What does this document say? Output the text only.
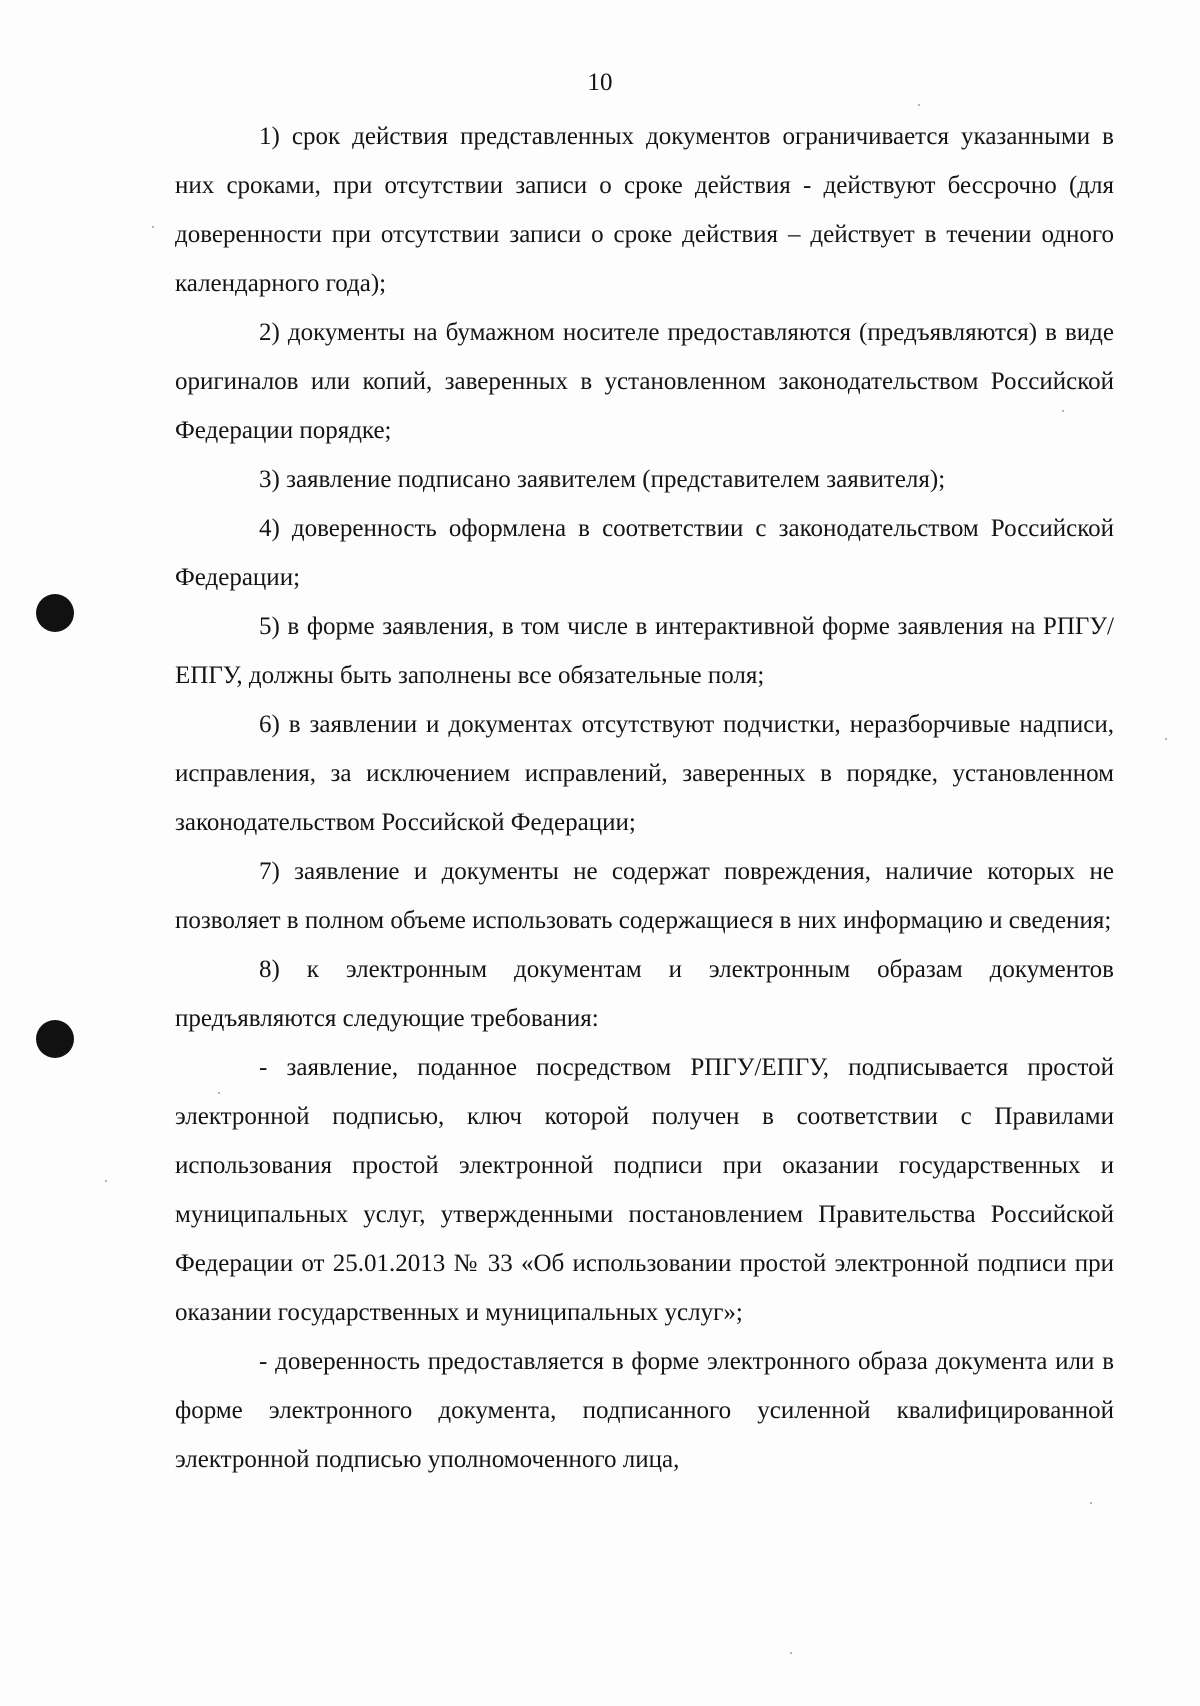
10

1) срок действия представленных документов ограничивается указанными в них сроками, при отсутствии записи о сроке действия - действуют бессрочно (для доверенности при отсутствии записи о сроке действия – действует в течении одного календарного года);

2) документы на бумажном носителе предоставляются (предъявляются) в виде оригиналов или копий, заверенных в установленном законодательством Российской Федерации порядке;

3) заявление подписано заявителем (представителем заявителя);

4) доверенность оформлена в соответствии с законодательством Российской Федерации;

5) в форме заявления, в том числе в интерактивной форме заявления на РПГУ/ЕПГУ, должны быть заполнены все обязательные поля;

6) в заявлении и документах отсутствуют подчистки, неразборчивые надписи, исправления, за исключением исправлений, заверенных в порядке, установленном законодательством Российской Федерации;

7) заявление и документы не содержат повреждения, наличие которых не позволяет в полном объеме использовать содержащиеся в них информацию и сведения;

8) к электронным документам и электронным образам документов предъявляются следующие требования:

- заявление, поданное посредством РПГУ/ЕПГУ, подписывается простой электронной подписью, ключ которой получен в соответствии с Правилами использования простой электронной подписи при оказании государственных и муниципальных услуг, утвержденными постановлением Правительства Российской Федерации от 25.01.2013 № 33 «Об использовании простой электронной подписи при оказании государственных и муниципальных услуг»;

- доверенность предоставляется в форме электронного образа документа или в форме электронного документа, подписанного усиленной квалифицированной электронной подписью уполномоченного лица,
